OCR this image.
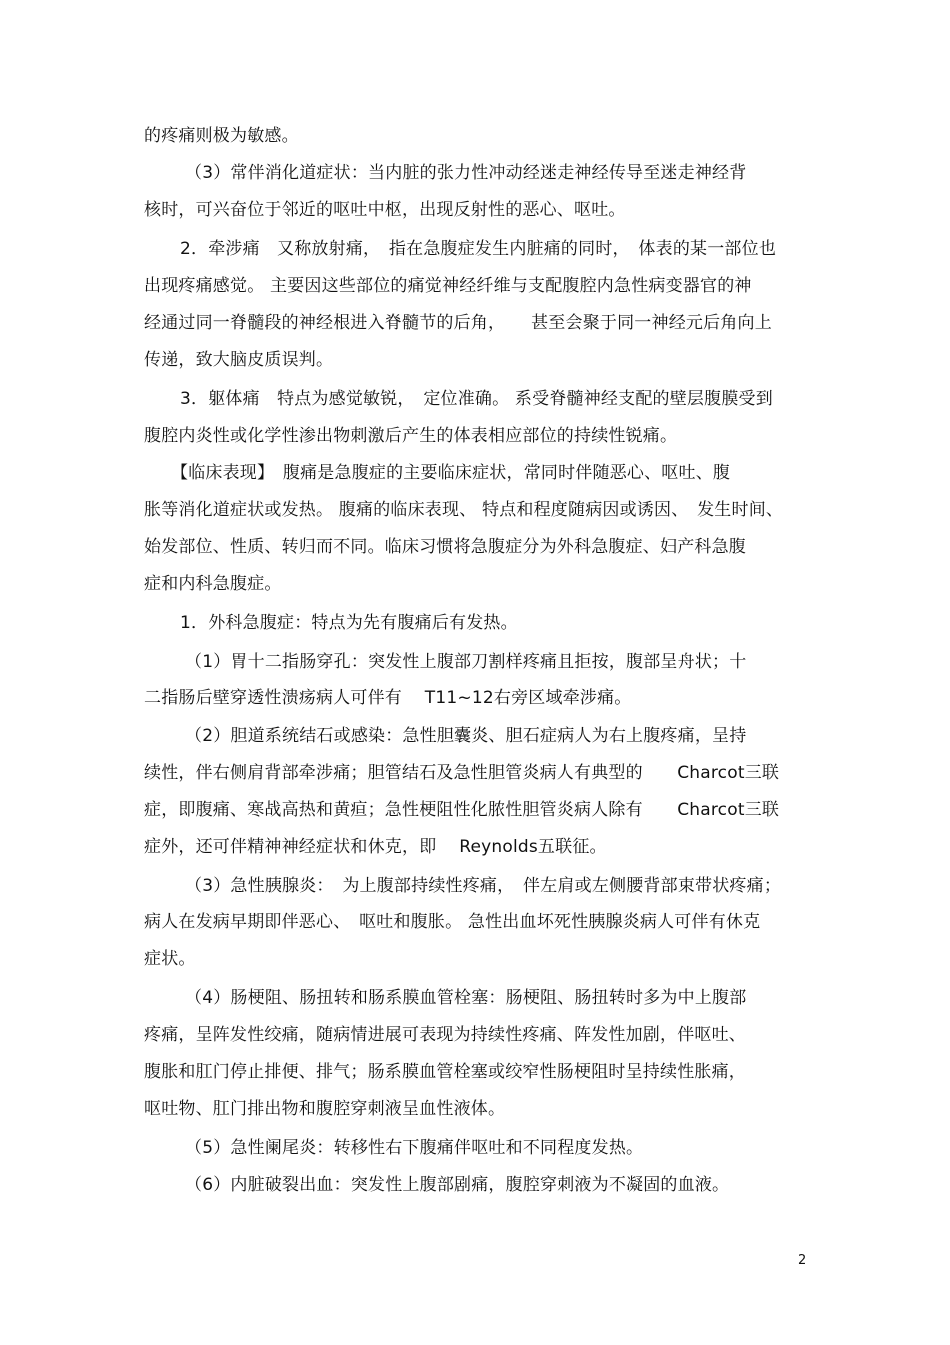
的疼痛则极为敏感。
（3）常伴消化道症状：当内脏的张力性冲动经迷走神经传导至迷走神经背
核时，可兴奋位于邻近的呕吐中枢，出现反射性的恶心、呕吐。
2．牵涉痛　又称放射痛，　指在急腹症发生内脏痛的同时，　体表的某一部位也
出现疼痛感觉。 主要因这些部位的痛觉神经纤维与支配腹腔内急性病变器官的神
经通过同一脊髓段的神经根进入脊髓节的后角，　　甚至会聚于同一神经元后角向上
传递，致大脑皮质误判。
3．躯体痛　特点为感觉敏锐，　定位准确。 系受脊髓神经支配的壁层腹膜受到
腹腔内炎性或化学性渗出物刺激后产生的体表相应部位的持续性锐痛。
【临床表现】　腹痛是急腹症的主要临床症状，常同时伴随恶心、呕吐、腹
胀等消化道症状或发热。 腹痛的临床表现、 特点和程度随病因或诱因、　发生时间、
始发部位、性质、转归而不同。临床习惯将急腹症分为外科急腹症、妇产科急腹
症和内科急腹症。
1．外科急腹症：特点为先有腹痛后有发热。
（1）胃十二指肠穿孔：突发性上腹部刀割样疼痛且拒按，腹部呈舟状；十
二指肠后壁穿透性溃疡病人可伴有　 T11~12右旁区域牵涉痛。
（2）胆道系统结石或感染：急性胆囊炎、胆石症病人为右上腹疼痛，呈持
续性，伴右侧肩背部牵涉痛；胆管结石及急性胆管炎病人有典型的　　Charcot三联
症，即腹痛、寒战高热和黄疸；急性梗阻性化脓性胆管炎病人除有　　Charcot三联
症外，还可伴精神神经症状和休克，即　 Reynolds五联征。
（3）急性胰腺炎：　为上腹部持续性疼痛，　伴左肩或左侧腰背部束带状疼痛；
病人在发病早期即伴恶心、　呕吐和腹胀。 急性出血坏死性胰腺炎病人可伴有休克
症状。
（4）肠梗阻、肠扭转和肠系膜血管栓塞：肠梗阻、肠扭转时多为中上腹部
疼痛，呈阵发性绞痛，随病情进展可表现为持续性疼痛、阵发性加剧，伴呕吐、
腹胀和肛门停止排便、排气；肠系膜血管栓塞或绞窄性肠梗阻时呈持续性胀痛，
呕吐物、肛门排出物和腹腔穿刺液呈血性液体。
（5）急性阑尾炎：转移性右下腹痛伴呕吐和不同程度发热。
（6）内脏破裂出血：突发性上腹部剧痛，腹腔穿刺液为不凝固的血液。
2
